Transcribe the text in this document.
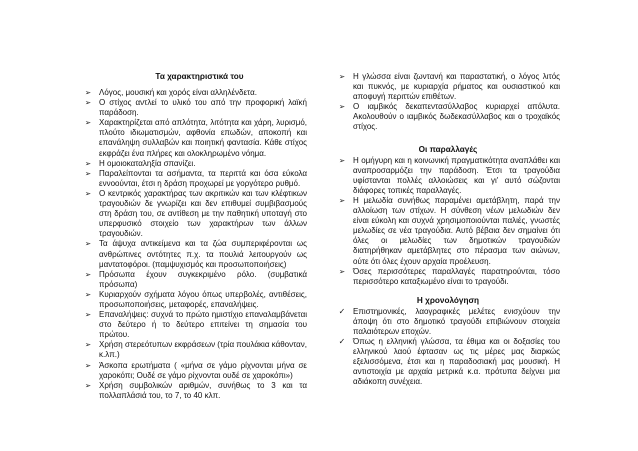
Τα χαρακτηριστικά του
➢ Λόγος, μουσική και χορός είναι αλληλένδετα.
➢ Ο στίχος αντλεί το υλικό του από την προφορική λαϊκή παράδοση.
➢ Χαρακτηρίζεται από απλότητα, λιτότητα και χάρη, λυρισμό, πλούτο ιδιωματισμών, αφθονία επωδών, αποκοπή και επανάληψη συλλαβών και ποιητική φαντασία. Κάθε στίχος εκφράζει ένα πλήρες και ολοκληρωμένο νόημα.
➢ Η ομοιοκαταληξία σπανίζει.
➢ Παραλείπονται τα ασήμαντα, τα περιττά και όσα εύκολα εννοούνται, έτσι η δράση προχωρεί με γοργότερο ρυθμό.
➢ Ο κεντρικός χαρακτήρας των ακριτικών και των κλέφτικων τραγουδιών δε γνωρίζει και δεν επιθυμεί συμβιβασμούς στη δράση του, σε αντίθεση με την παθητική υποταγή στο υπερφυσικό στοιχείο των χαρακτήρων των άλλων τραγουδιών.
➢ Τα άψυχα αντικείμενα και τα ζώα συμπεριφέρονται ως ανθρώπινες οντότητες π.χ. τα πουλιά λειτουργούν ως μαντατοφόροι. (παμψυχισμός και προσωποποιήσεις)
➢ Πρόσωπα έχουν συγκεκριμένο ρόλο. (συμβατικά πρόσωπα)
➢ Κυριαρχούν σχήματα λόγου όπως υπερβολές, αντιθέσεις, προσωποποιήσεις, μεταφορές, επαναλήψεις.
➢ Επαναλήψεις: συχνά το πρώτο ημιστίχιο επαναλαμβάνεται στο δεύτερο ή το δεύτερο επιτείνει τη σημασία του πρώτου.
➢ Χρήση στερεότυπων εκφράσεων (τρία πουλάκια κάθονταν, κ.λπ.)
➢ Άσκοπα ερωτήματα ( «μήνα σε γάμο ρίχνονται μήνα σε χαροκόπι; Ουδέ σε γάμο ρίχνονται ουδέ σε χαροκόπι»)
➢ Χρήση συμβολικών αριθμών, συνήθως το 3 και τα πολλαπλάσιά του, το 7, το 40 κλπ.
➢ Η γλώσσα είναι ζωντανή και παραστατική, ο λόγος λιτός και πυκνός, με κυριαρχία ρήματος και ουσιαστικού και αποφυγή περιττών επιθέτων.
➢ Ο ιαμβικός δεκαπεντασύλλαβος κυριαρχεί απόλυτα. Ακολουθούν ο ιαμβικός δωδεκασύλλαβος και ο τροχαϊκός στίχος.
Οι παραλλαγές
➢ Η ομήγυρη και η κοινωνική πραγματικότητα αναπλάθει και αναπροσαρμόζει την παράδοση. Έτσι τα τραγούδια υφίστανται πολλές αλλοιώσεις και γι' αυτό σώζονται διάφορες τοπικές παραλλαγές.
➢ Η μελωδία συνήθως παραμένει αμετάβλητη, παρά την αλλοίωση των στίχων. Η σύνθεση νέων μελωδιών δεν είναι εύκολη και συχνά χρησιμοποιούνται παλιές, γνωστές μελωδίες σε νέα τραγούδια. Αυτό βέβαια δεν σημαίνει ότι όλες οι μελωδίες των δημοτικών τραγουδιών διατηρήθηκαν αμετάβλητες στο πέρασμα των αιώνων, ούτε ότι όλες έχουν αρχαία προέλευση.
➢ Όσες περισσότερες παραλλαγές παρατηρούνται, τόσο περισσότερο καταξιωμένο είναι το τραγούδι.
Η χρονολόγηση
✓ Επιστημονικές, λαογραφικές μελέτες ενισχύουν την άποψη ότι στο δημοτικό τραγούδι επιβιώνουν στοιχεία παλαιότερων εποχών.
✓ Όπως η ελληνική γλώσσα, τα έθιμα και οι δοξασίες του ελληνικού λαού έφτασαν ως τις μέρες μας διαρκώς εξελισσόμενα, έτσι και η παραδοσιακή μας μουσική. Η αντιστοιχία με αρχαία μετρικά κ.α. πρότυπα δείχνει μια αδιάκοπη συνέχεια.
